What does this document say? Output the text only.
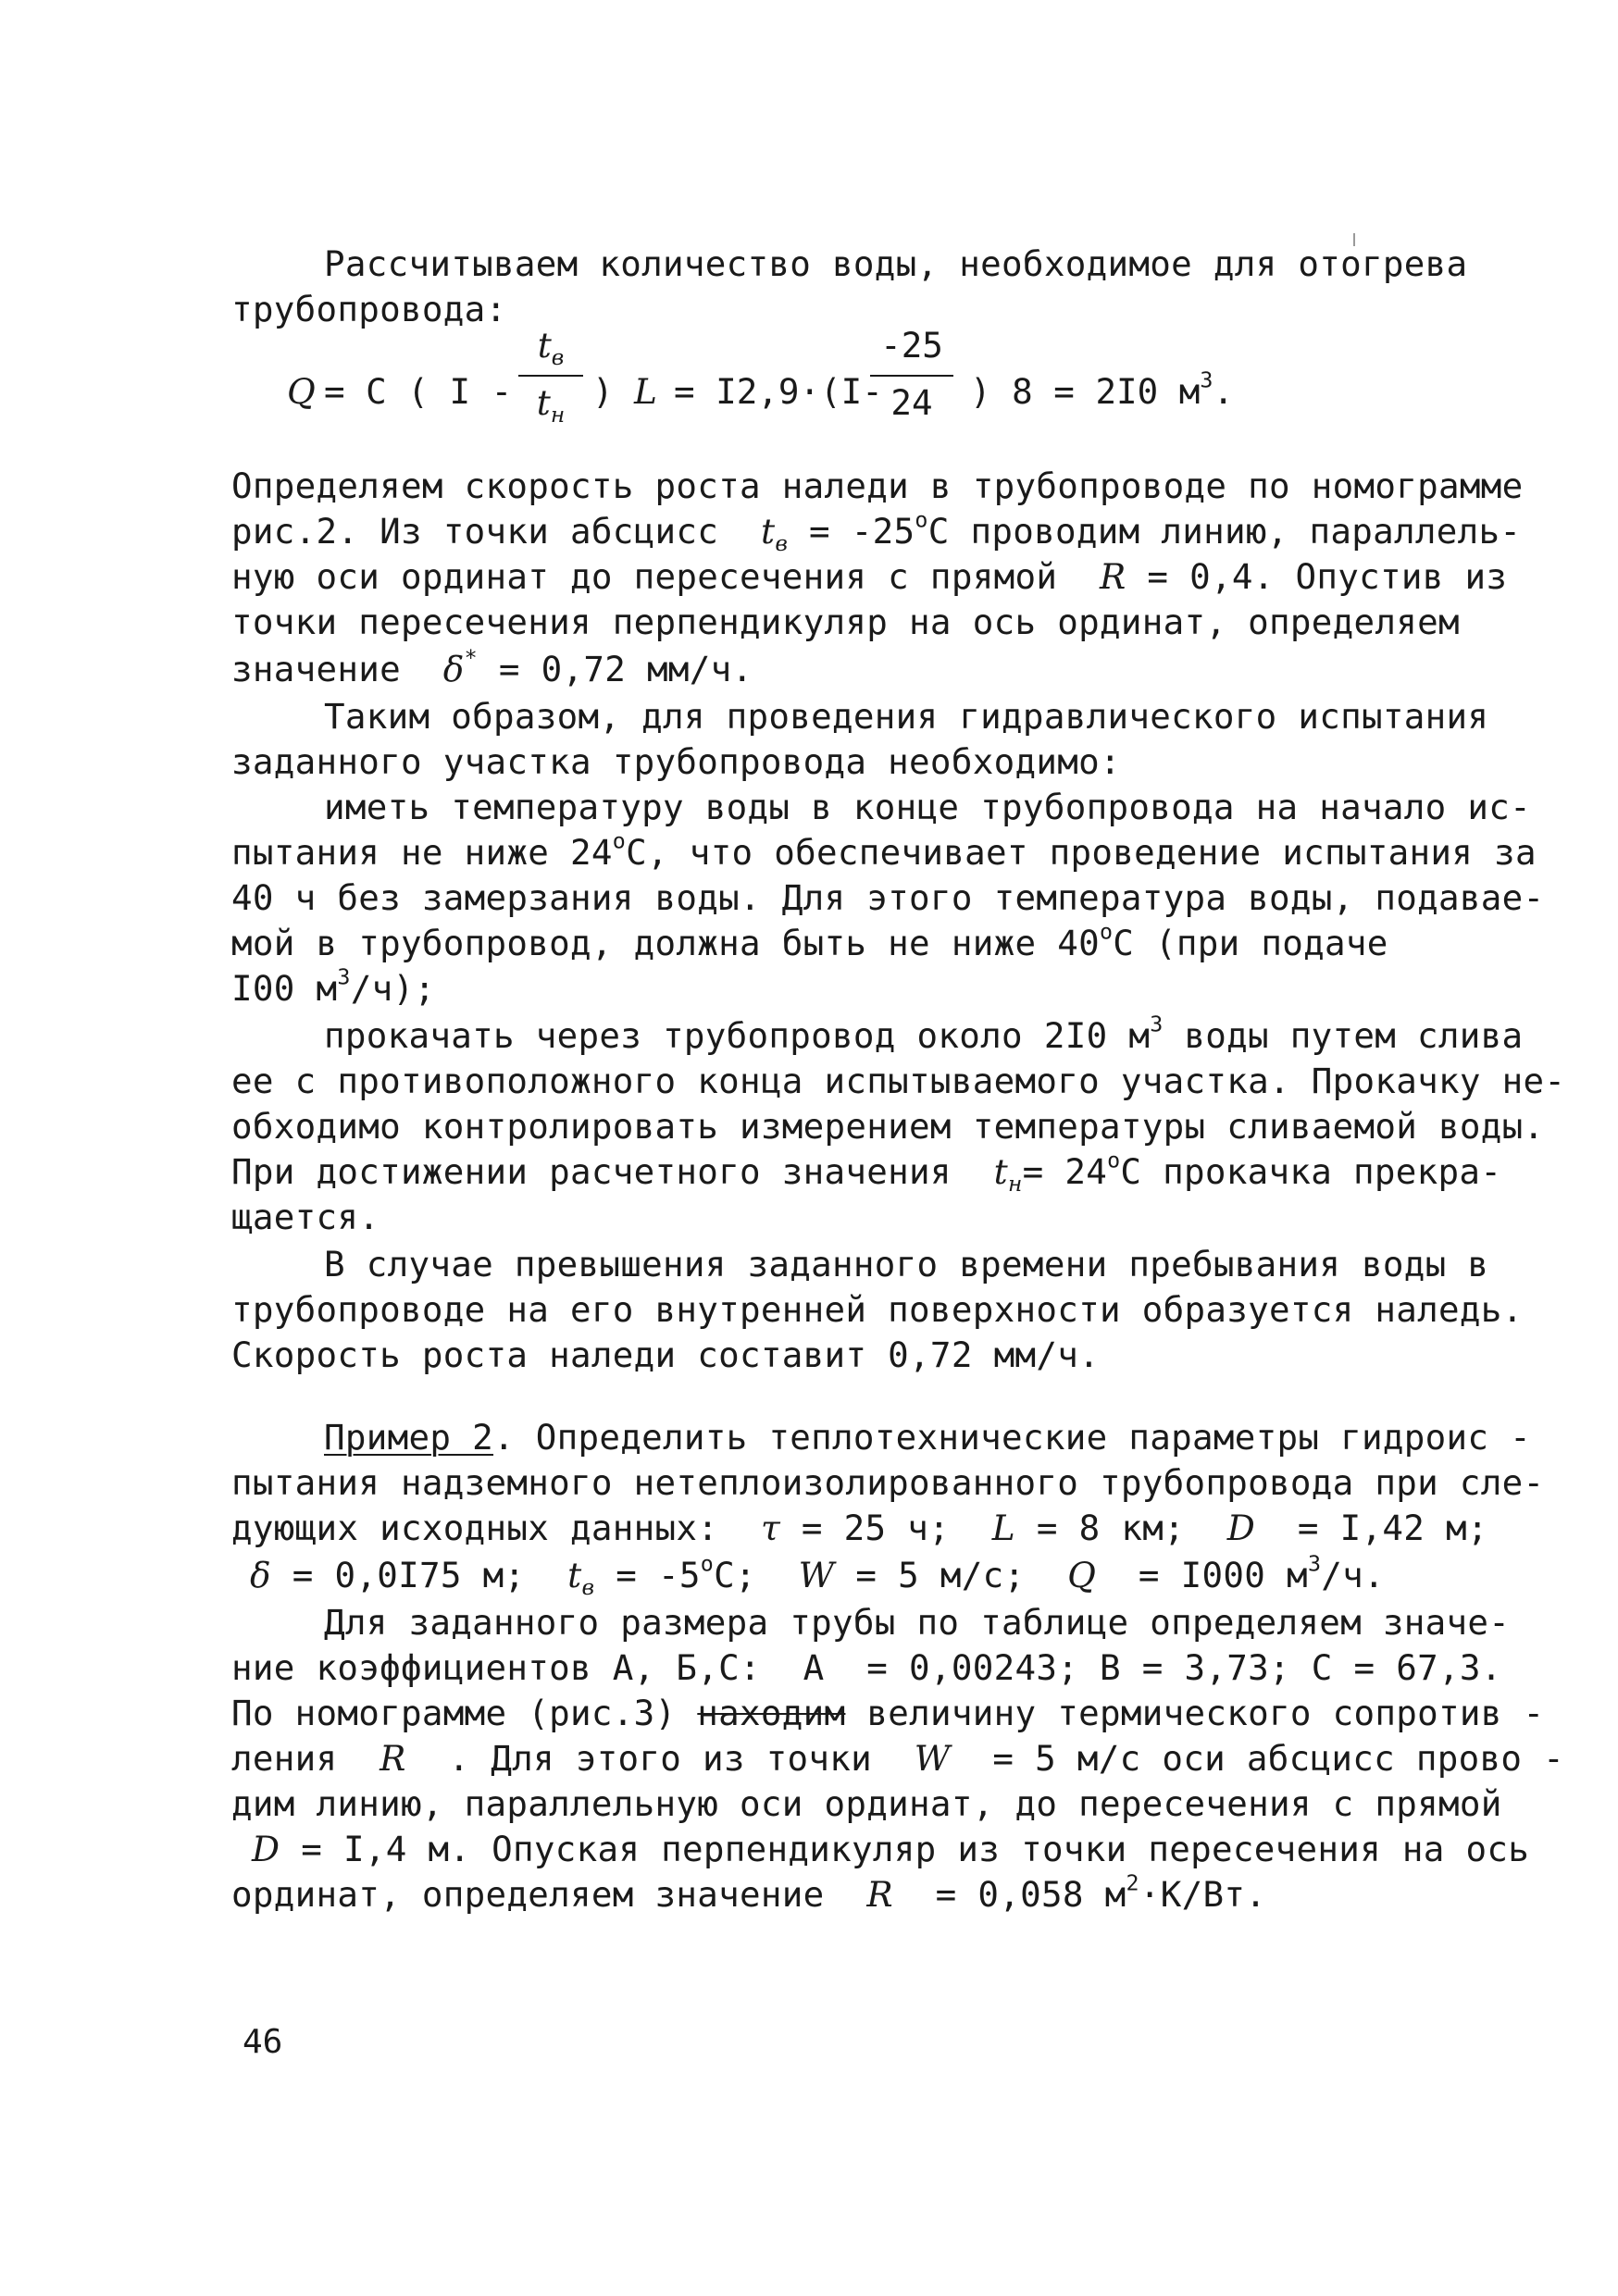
Рассчитываем количество воды, необходимое для отогрева
трубопровода:
Q = C ( I -
$t_в$
$t_н$
) L = I2,9·(I-
-25
24	) 8 = 2I0 $м^3$.
Определяем скорость роста наледи в трубопроводе по номограмме
рис.2. Из точки абсцисс  $t_в = -25^оC$ проводим линию, параллель-
ную оси ординат до пересечения с прямой  R = 0,4. Опустив из
точки пересечения перпендикуляр на ось ординат, определяем
значение  δ* = 0,72 мм/ч.
Таким образом, для проведения гидравлического испытания
заданного участка трубопровода необходимо:
иметь температуру воды в конце трубопровода на начало ис-
пытания не ниже $24^оC$, что обеспечивает проведение испытания за
40 ч без замерзания воды. Для этого температура воды, подавае-
мой в трубопровод, должна быть не ниже $40^оC$ (при подаче
I00 $м^3/ч$);
прокачать через трубопровод около 2I0 $м^3$ воды путем слива
ее с противоположного конца испытываемого участка. Прокачку не-
обходимо контролировать измерением температуры сливаемой воды.
При достижении расчетного значения  $t_н= 24^оC$ прокачка прекра-
щается.
В случае превышения заданного времени пребывания воды в
трубопроводе на его внутренней поверхности образуется наледь.
Скорость роста наледи составит 0,72 мм/ч.
Пример 2. Определить теплотехнические параметры гидроис -
пытания надземного нетеплоизолированного трубопровода при сле-
дующих исходных данных:  τ = 25 ч;  L = 8 км;  D  = I,42 м;
δ = 0,0I75 м;  $t_в = -5^оC$;  W = 5 м/с;  Q  = I000 $м^3/ч$.
Для заданного размера трубы по таблице определяем значе-
ние коэффициентов А, Б,С:  А  = 0,00243; В = 3,73; С = 67,3.
По номограмме (рис.3) находим величину термического сопротив -
ления  R  . Для этого из точки  W  = 5 м/с оси абсцисс прово -
дим линию, параллельную оси ординат, до пересечения с прямой
D = I,4 м. Опуская перпендикуляр из точки пересечения на ось
ординат, определяем значение  R  = 0,058 $м^2\cdot К/Вт$.
46
